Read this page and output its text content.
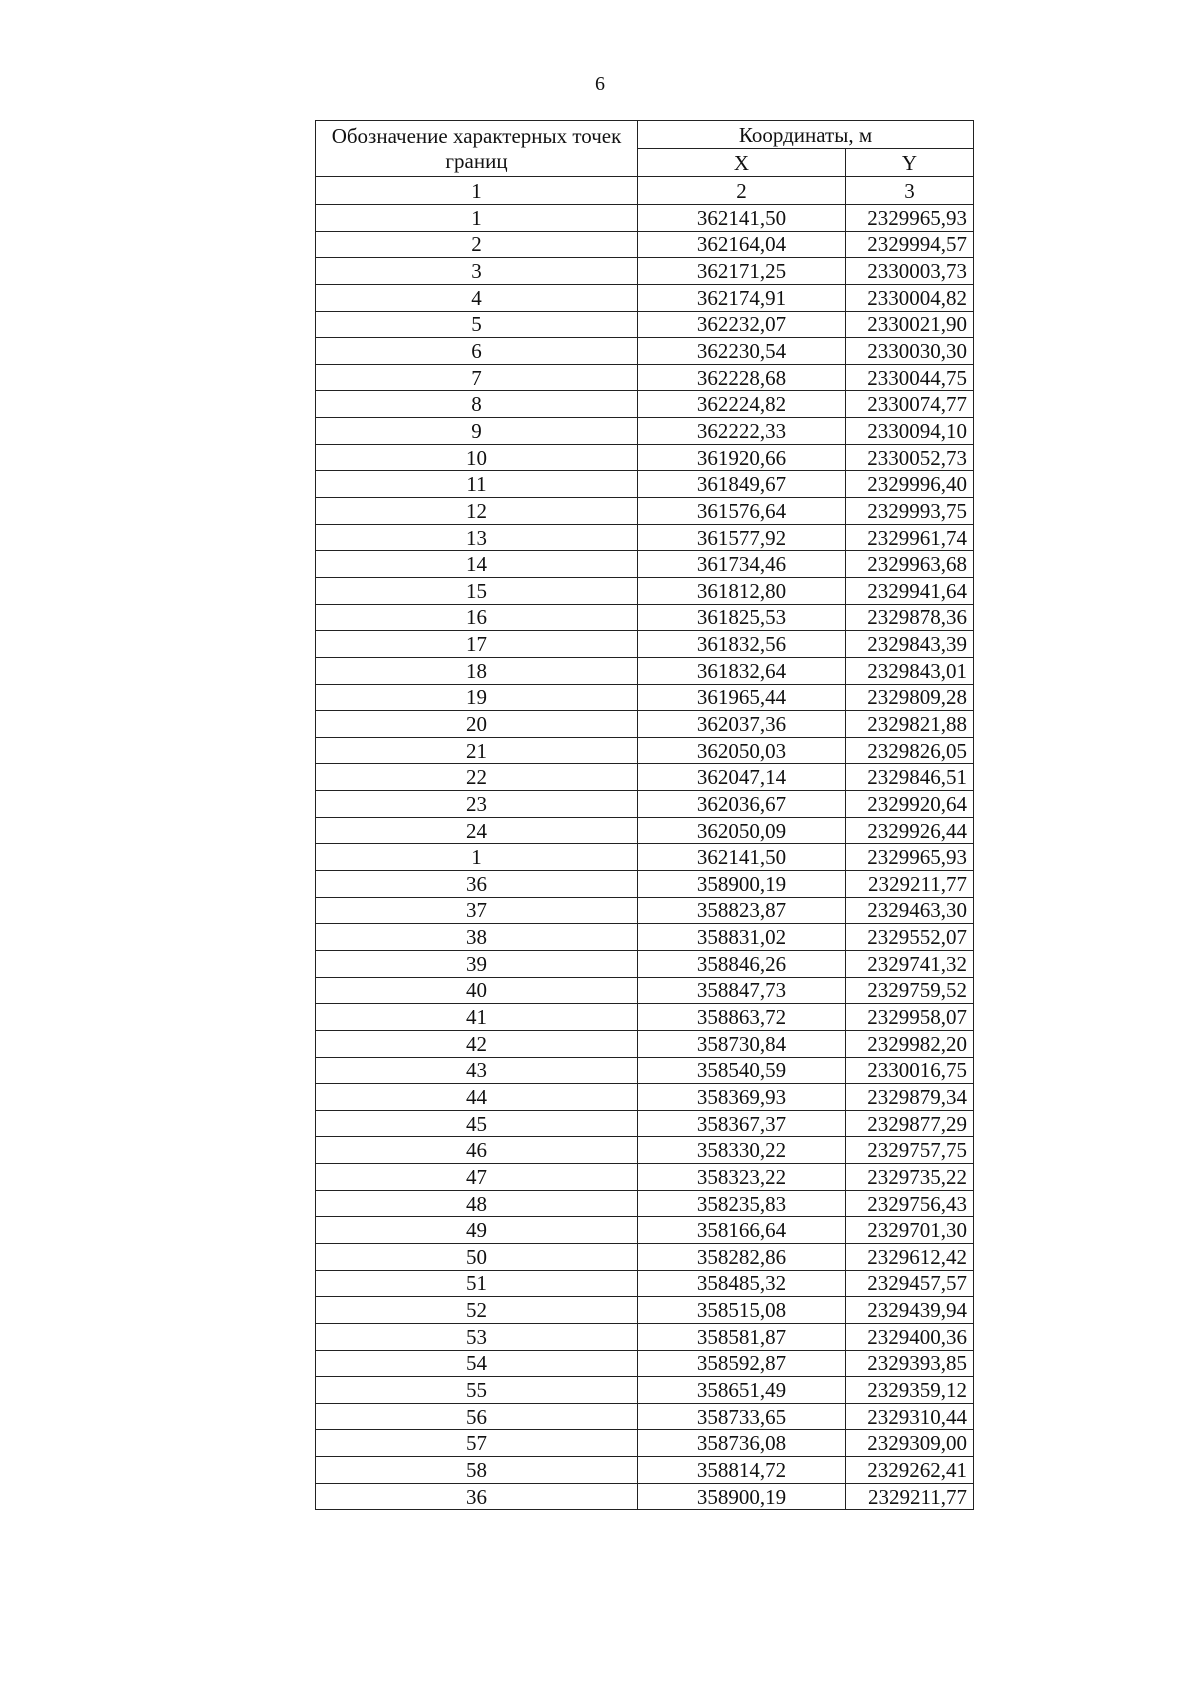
6
Обозначение характерных точек границ	Координаты, м	
	X	Y
1	2	3
1	362141,50	2329965,93
2	362164,04	2329994,57
3	362171,25	2330003,73
4	362174,91	2330004,82
5	362232,07	2330021,90
6	362230,54	2330030,30
7	362228,68	2330044,75
8	362224,82	2330074,77
9	362222,33	2330094,10
10	361920,66	2330052,73
11	361849,67	2329996,40
12	361576,64	2329993,75
13	361577,92	2329961,74
14	361734,46	2329963,68
15	361812,80	2329941,64
16	361825,53	2329878,36
17	361832,56	2329843,39
18	361832,64	2329843,01
19	361965,44	2329809,28
20	362037,36	2329821,88
21	362050,03	2329826,05
22	362047,14	2329846,51
23	362036,67	2329920,64
24	362050,09	2329926,44
1	362141,50	2329965,93
36	358900,19	2329211,77
37	358823,87	2329463,30
38	358831,02	2329552,07
39	358846,26	2329741,32
40	358847,73	2329759,52
41	358863,72	2329958,07
42	358730,84	2329982,20
43	358540,59	2330016,75
44	358369,93	2329879,34
45	358367,37	2329877,29
46	358330,22	2329757,75
47	358323,22	2329735,22
48	358235,83	2329756,43
49	358166,64	2329701,30
50	358282,86	2329612,42
51	358485,32	2329457,57
52	358515,08	2329439,94
53	358581,87	2329400,36
54	358592,87	2329393,85
55	358651,49	2329359,12
56	358733,65	2329310,44
57	358736,08	2329309,00
58	358814,72	2329262,41
36	358900,19	2329211,77
